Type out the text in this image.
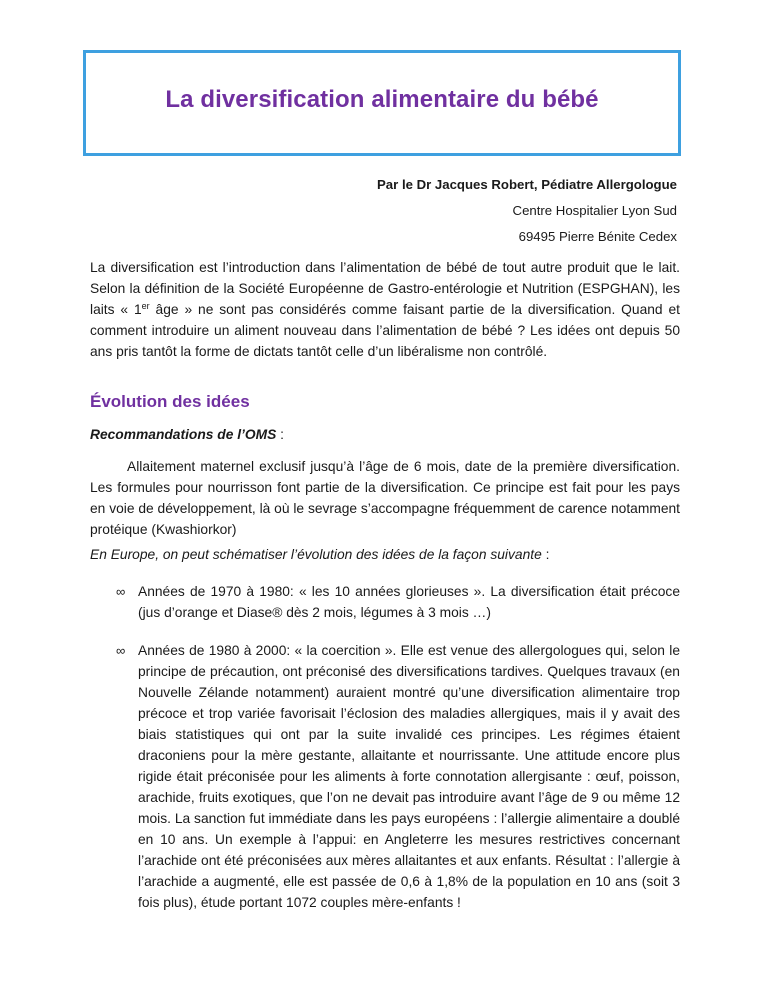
La diversification alimentaire du bébé
Par le Dr Jacques Robert, Pédiatre Allergologue
Centre Hospitalier Lyon Sud
69495 Pierre Bénite Cedex

La diversification est l’introduction dans l’alimentation de bébé de tout autre produit que le lait. Selon la définition de la Société Européenne de Gastro-entérologie et Nutrition (ESPGHAN), les laits « 1er âge » ne sont pas considérés comme faisant partie de la diversification. Quand et comment introduire un aliment nouveau dans l’alimentation de bébé ? Les idées ont depuis 50 ans pris tantôt la forme de dictats tantôt celle d’un libéralisme non contrôlé.

Évolution des idées

Recommandations de l’OMS :

Allaitement maternel exclusif jusqu’à l’âge de 6 mois, date de la première diversification. Les formules pour nourrisson font partie de la diversification. Ce principe est fait pour les pays en voie de développement, là où le sevrage s’accompagne fréquemment de carence notamment protéique (Kwashiorkor)

En Europe, on peut schématiser l’évolution des idées de la façon suivante :

∞ Années de 1970 à 1980: « les 10 années glorieuses ». La diversification était précoce (jus d’orange et Diase® dès 2 mois, légumes à 3 mois …)

∞ Années de 1980 à 2000: « la coercition ». Elle est venue des allergologues qui, selon le principe de précaution, ont préconisé des diversifications tardives. Quelques travaux (en Nouvelle Zélande notamment) auraient montré qu’une diversification alimentaire trop précoce et trop variée favorisait l’éclosion des maladies allergiques, mais il y avait des biais statistiques qui ont par la suite invalidé ces principes. Les régimes étaient draconiens pour la mère gestante, allaitante et nourrissante. Une attitude encore plus rigide était préconisée pour les aliments à forte connotation allergisante : œuf, poisson, arachide, fruits exotiques, que l’on ne devait pas introduire avant l’âge de 9 ou même 12 mois. La sanction fut immédiate dans les pays européens : l’allergie alimentaire a doublé en 10 ans. Un exemple à l’appui: en Angleterre les mesures restrictives concernant l’arachide ont été préconisées aux mères allaitantes et aux enfants. Résultat : l’allergie à l’arachide a augmenté, elle est passée de 0,6 à 1,8% de la population en 10 ans (soit 3 fois plus), étude portant 1072 couples mère-enfants !
